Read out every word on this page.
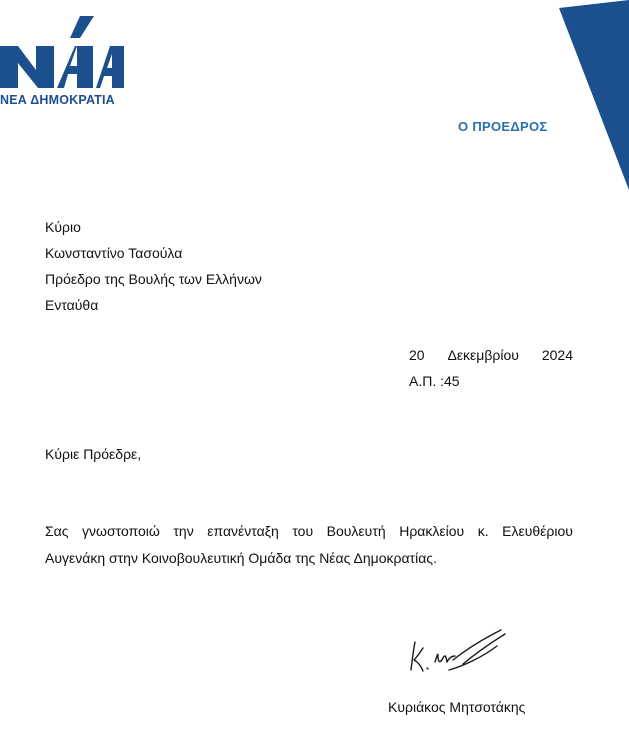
ΝΕΑ ΔΗΜΟΚΡΑΤΙΑ
Ο ΠΡΟΕΔΡΟΣ
Κύριο
Κωνσταντίνο Τασούλα
Πρόεδρο της Βουλής των Ελλήνων
Ενταύθα
20 Δεκεμβρίου 2024
Α.Π. :45
Κύριε Πρόεδρε,
Σας γνωστοποιώ την επανένταξη του Βουλευτή Ηρακλείου κ. Ελευθέριου
Αυγενάκη στην Κοινοβουλευτική Ομάδα της Νέας Δημοκρατίας.
Κυριάκος Μητσοτάκης
